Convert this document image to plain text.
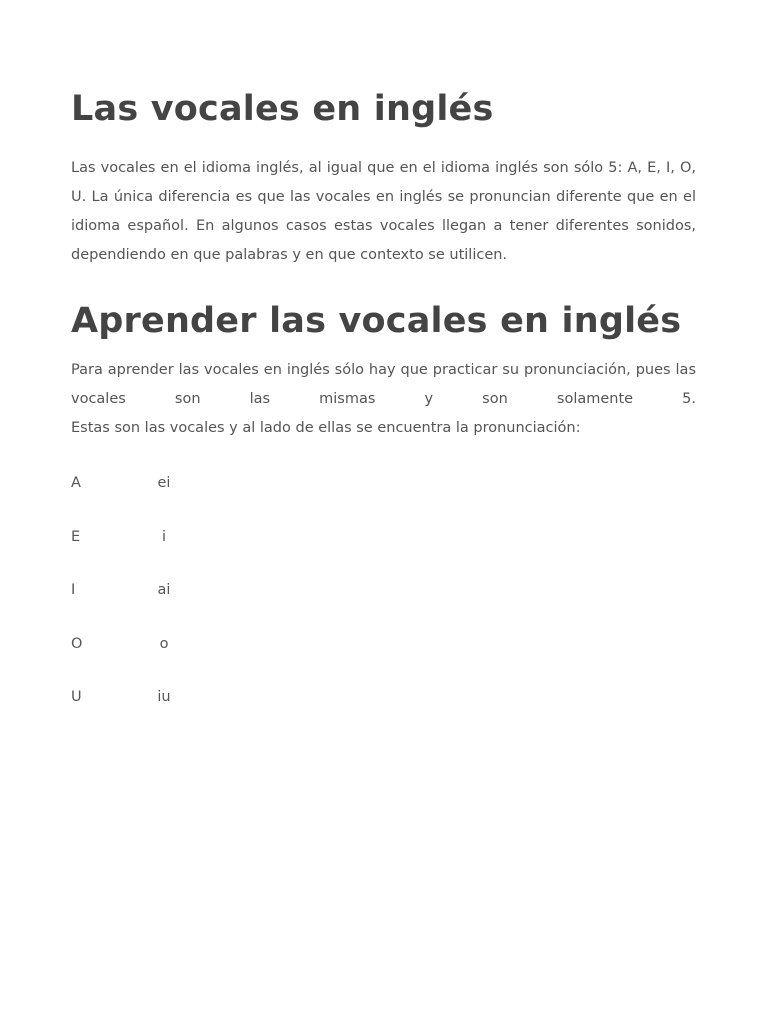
Las vocales en inglés

Las vocales en el idioma inglés, al igual que en el idioma inglés son sólo 5: A, E, I, O, U. La única diferencia es que las vocales en inglés se pronuncian diferente que en el idioma español. En algunos casos estas vocales llegan a tener diferentes sonidos, dependiendo en que palabras y en que contexto se utilicen.

Aprender las vocales en inglés

Para aprender las vocales en inglés sólo hay que practicar su pronunciación, pues las vocales son las mismas y son solamente 5.
Estas son las vocales y al lado de ellas se encuentra la pronunciación:

A	ei
E	i
I	ai
O	o
U	iu
